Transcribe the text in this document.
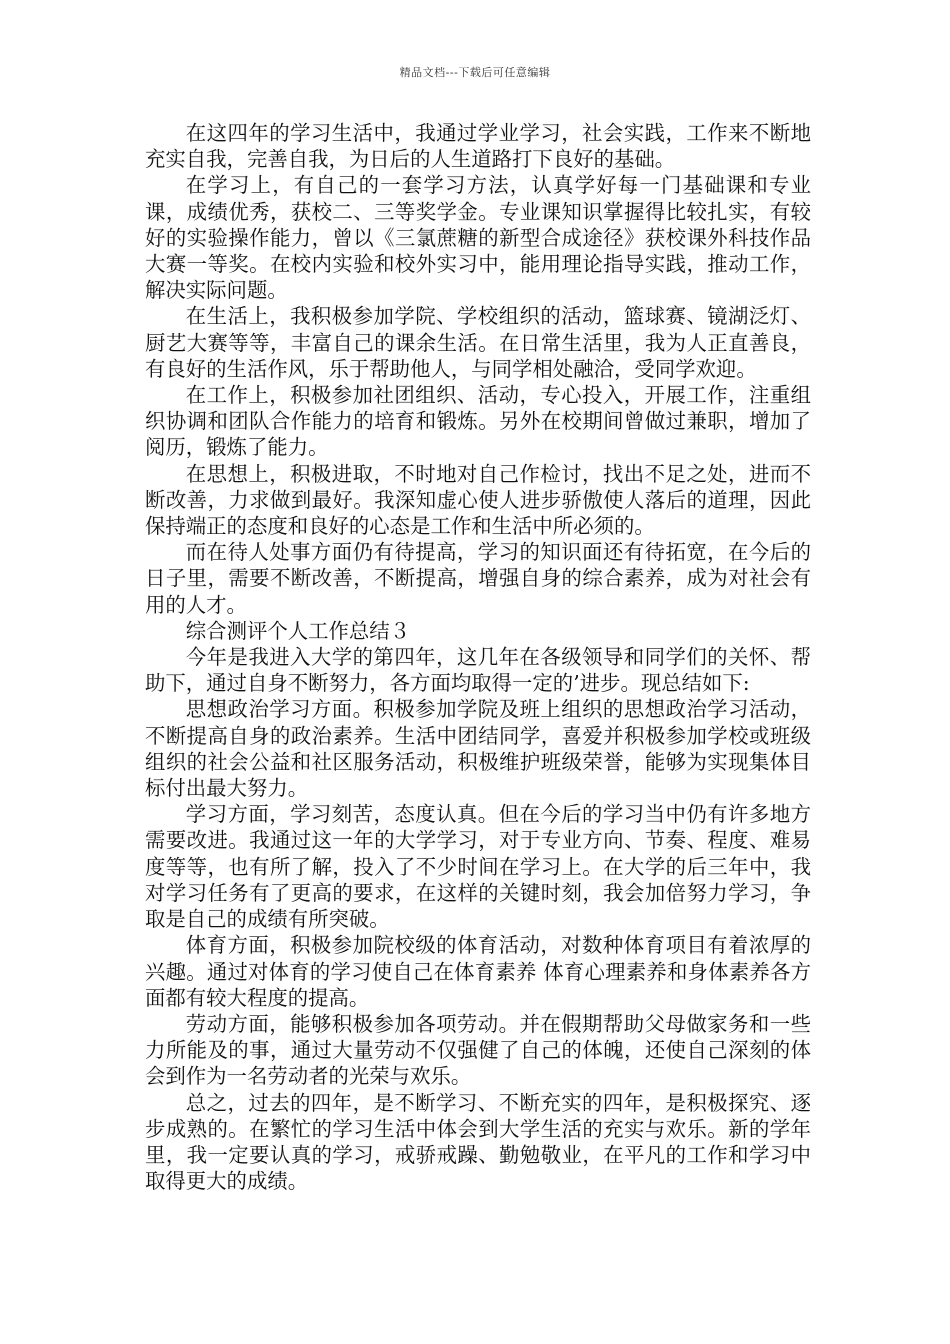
精品文档---下载后可任意编辑

在这四年的学习生活中，我通过学业学习，社会实践，工作来不断地充实自我，完善自我，为日后的人生道路打下良好的基础。

在学习上，有自己的一套学习方法，认真学好每一门基础课和专业课，成绩优秀，获校二、三等奖学金。专业课知识掌握得比较扎实，有较好的实验操作能力，曾以《三氯蔗糖的新型合成途径》获校课外科技作品大赛一等奖。在校内实验和校外实习中，能用理论指导实践，推动工作，解决实际问题。

在生活上，我积极参加学院、学校组织的活动，篮球赛、镜湖泛灯、厨艺大赛等等，丰富自己的课余生活。在日常生活里，我为人正直善良，有良好的生活作风，乐于帮助他人，与同学相处融洽，受同学欢迎。

在工作上，积极参加社团组织、活动，专心投入，开展工作，注重组织协调和团队合作能力的培育和锻炼。另外在校期间曾做过兼职，增加了阅历，锻炼了能力。

在思想上，积极进取，不时地对自己作检讨，找出不足之处，进而不断改善，力求做到最好。我深知虚心使人进步骄傲使人落后的道理，因此保持端正的态度和良好的心态是工作和生活中所必须的。

而在待人处事方面仍有待提高，学习的知识面还有待拓宽，在今后的日子里，需要不断改善，不断提高，增强自身的综合素养，成为对社会有用的人才。

综合测评个人工作总结３

今年是我进入大学的第四年，这几年在各级领导和同学们的关怀、帮助下，通过自身不断努力，各方面均取得一定的’进步。现总结如下:

思想政治学习方面。积极参加学院及班上组织的思想政治学习活动，不断提高自身的政治素养。生活中团结同学，喜爱并积极参加学校或班级组织的社会公益和社区服务活动，积极维护班级荣誉，能够为实现集体目标付出最大努力。

学习方面，学习刻苦，态度认真。但在今后的学习当中仍有许多地方需要改进。我通过这一年的大学学习，对于专业方向、节奏、程度、难易度等等，也有所了解，投入了不少时间在学习上。在大学的后三年中，我对学习任务有了更高的要求，在这样的关键时刻，我会加倍努力学习，争取是自己的成绩有所突破。

体育方面，积极参加院校级的体育活动，对数种体育项目有着浓厚的兴趣。通过对体育的学习使自己在体育素养 体育心理素养和身体素养各方面都有较大程度的提高。

劳动方面，能够积极参加各项劳动。并在假期帮助父母做家务和一些力所能及的事，通过大量劳动不仅强健了自己的体魄，还使自己深刻的体会到作为一名劳动者的光荣与欢乐。

总之，过去的四年，是不断学习、不断充实的四年，是积极探究、逐步成熟的。在繁忙的学习生活中体会到大学生活的充实与欢乐。新的学年里，我一定要认真的学习，戒骄戒躁、勤勉敬业，在平凡的工作和学习中取得更大的成绩。
